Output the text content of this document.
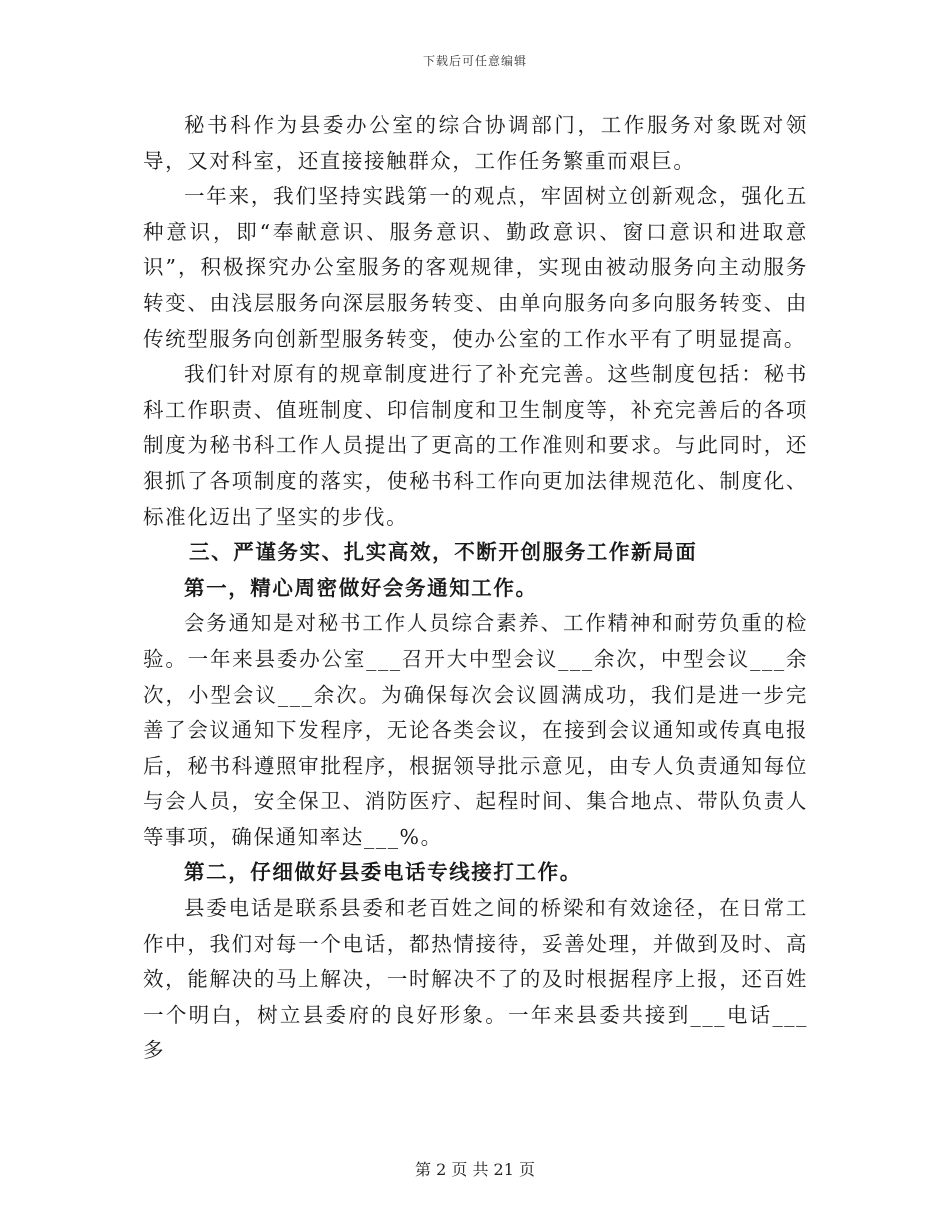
下载后可任意编辑

秘书科作为县委办公室的综合协调部门，工作服务对象既对领导，又对科室，还直接接触群众，工作任务繁重而艰巨。

一年来，我们坚持实践第一的观点，牢固树立创新观念，强化五种意识，即“奉献意识、服务意识、勤政意识、窗口意识和进取意识”，积极探究办公室服务的客观规律，实现由被动服务向主动服务转变、由浅层服务向深层服务转变、由单向服务向多向服务转变、由传统型服务向创新型服务转变，使办公室的工作水平有了明显提高。

我们针对原有的规章制度进行了补充完善。这些制度包括：秘书科工作职责、值班制度、印信制度和卫生制度等，补充完善后的各项制度为秘书科工作人员提出了更高的工作准则和要求。与此同时，还狠抓了各项制度的落实，使秘书科工作向更加法律规范化、制度化、标准化迈出了坚实的步伐。

三、严谨务实、扎实高效，不断开创服务工作新局面

第一，精心周密做好会务通知工作。

会务通知是对秘书工作人员综合素养、工作精神和耐劳负重的检验。一年来县委办公室___召开大中型会议___余次，中型会议___余次，小型会议___余次。为确保每次会议圆满成功，我们是进一步完善了会议通知下发程序，无论各类会议，在接到会议通知或传真电报后，秘书科遵照审批程序，根据领导批示意见，由专人负责通知每位与会人员，安全保卫、消防医疗、起程时间、集合地点、带队负责人等事项，确保通知率达___%。

第二，仔细做好县委电话专线接打工作。

县委电话是联系县委和老百姓之间的桥梁和有效途径，在日常工作中，我们对每一个电话，都热情接待，妥善处理，并做到及时、高效，能解决的马上解决，一时解决不了的及时根据程序上报，还百姓一个明白，树立县委府的良好形象。一年来县委共接到___电话___多

第 2 页 共 21 页
